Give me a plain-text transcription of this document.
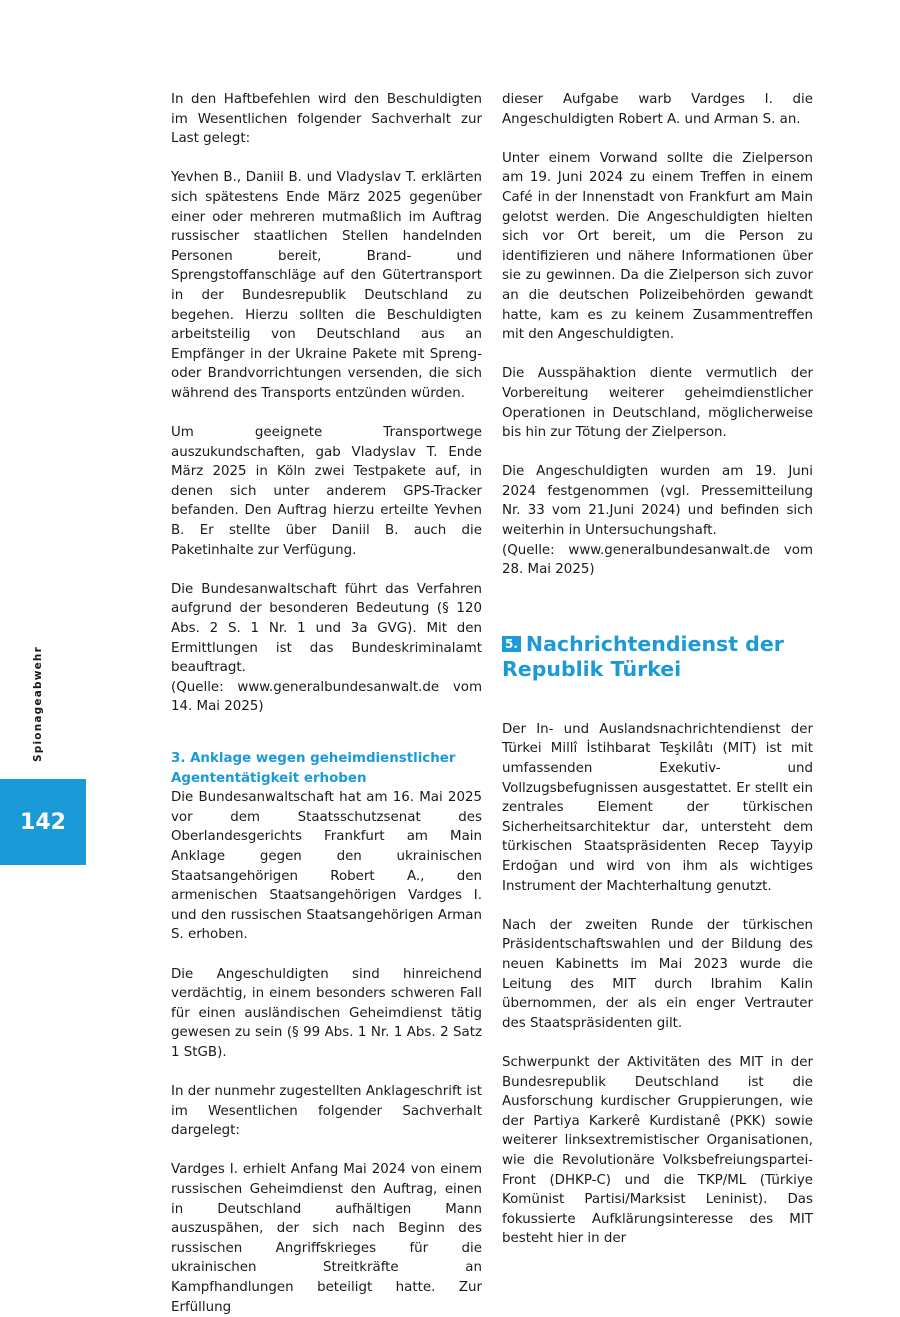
Spionageabwehr
142

In den Haftbefehlen wird den Beschuldigten im Wesentlichen folgender Sachverhalt zur Last gelegt:

Yevhen B., Daniil B. und Vladyslav T. erklärten sich spätestens Ende März 2025 gegenüber einer oder mehreren mutmaßlich im Auftrag russischer staatlichen Stellen handelnden Personen bereit, Brand- und Sprengstoffanschläge auf den Gütertransport in der Bundesrepublik Deutschland zu begehen. Hierzu sollten die Beschuldigten arbeitsteilig von Deutschland aus an Empfänger in der Ukraine Pakete mit Spreng- oder Brandvorrichtungen versenden, die sich während des Transports entzünden würden.

Um geeignete Transportwege auszukundschaften, gab Vladyslav T. Ende März 2025 in Köln zwei Testpakete auf, in denen sich unter anderem GPS-Tracker befanden. Den Auftrag hierzu erteilte Yevhen B. Er stellte über Daniil B. auch die Paketinhalte zur Verfügung.

Die Bundesanwaltschaft führt das Verfahren aufgrund der besonderen Bedeutung (§ 120 Abs. 2 S. 1 Nr. 1 und 3a GVG). Mit den Ermittlungen ist das Bundeskriminalamt beauftragt.

(Quelle: www.generalbundesanwalt.de vom 14. Mai 2025)

3. Anklage wegen geheimdienstlicher Agententätigkeit erhoben

Die Bundesanwaltschaft hat am 16. Mai 2025 vor dem Staatsschutzsenat des Oberlandesgerichts Frankfurt am Main Anklage gegen den ukrainischen Staatsangehörigen Robert A., den armenischen Staatsangehörigen Vardges I. und den russischen Staatsangehörigen Arman S. erhoben.

Die Angeschuldigten sind hinreichend verdächtig, in einem besonders schweren Fall für einen ausländischen Geheimdienst tätig gewesen zu sein (§ 99 Abs. 1 Nr. 1 Abs. 2 Satz 1 StGB).

In der nunmehr zugestellten Anklageschrift ist im Wesentlichen folgender Sachverhalt dargelegt:

Vardges I. erhielt Anfang Mai 2024 von einem russischen Geheimdienst den Auftrag, einen in Deutschland aufhältigen Mann auszuspähen, der sich nach Beginn des russischen Angriffskrieges für die ukrainischen Streitkräfte an Kampfhandlungen beteiligt hatte. Zur Erfüllung

dieser Aufgabe warb Vardges I. die Angeschuldigten Robert A. und Arman S. an.

Unter einem Vorwand sollte die Zielperson am 19. Juni 2024 zu einem Treffen in einem Café in der Innenstadt von Frankfurt am Main gelotst werden. Die Angeschuldigten hielten sich vor Ort bereit, um die Person zu identifizieren und nähere Informationen über sie zu gewinnen. Da die Zielperson sich zuvor an die deutschen Polizeibehörden gewandt hatte, kam es zu keinem Zusammentreffen mit den Angeschuldigten.

Die Ausspähaktion diente vermutlich der Vorbereitung weiterer geheimdienstlicher Operationen in Deutschland, möglicherweise bis hin zur Tötung der Zielperson.

Die Angeschuldigten wurden am 19. Juni 2024 festgenommen (vgl. Pressemitteilung Nr. 33 vom 21.Juni 2024) und befinden sich weiterhin in Untersuchungshaft.

(Quelle: www.generalbundesanwalt.de vom 28. Mai 2025)

5. Nachrichtendienst der Republik Türkei

Der In- und Auslandsnachrichtendienst der Türkei Millî İstihbarat Teşkilâtı (MIT) ist mit umfassenden Exekutiv- und Vollzugsbefugnissen ausgestattet. Er stellt ein zentrales Element der türkischen Sicherheitsarchitektur dar, untersteht dem türkischen Staatspräsidenten Recep Tayyip Erdoğan und wird von ihm als wichtiges Instrument der Machterhaltung genutzt.

Nach der zweiten Runde der türkischen Präsidentschaftswahlen und der Bildung des neuen Kabinetts im Mai 2023 wurde die Leitung des MIT durch Ibrahim Kalin übernommen, der als ein enger Vertrauter des Staatspräsidenten gilt.

Schwerpunkt der Aktivitäten des MIT in der Bundesrepublik Deutschland ist die Ausforschung kurdischer Gruppierungen, wie der Partiya Karkerê Kurdistanê (PKK) sowie weiterer linksextremistischer Organisationen, wie die Revolutionäre Volksbefreiungspartei-Front (DHKP-C) und die TKP/ML (Türkiye Komünist Partisi/Marksist Leninist). Das fokussierte Aufklärungsinteresse des MIT besteht hier in der
